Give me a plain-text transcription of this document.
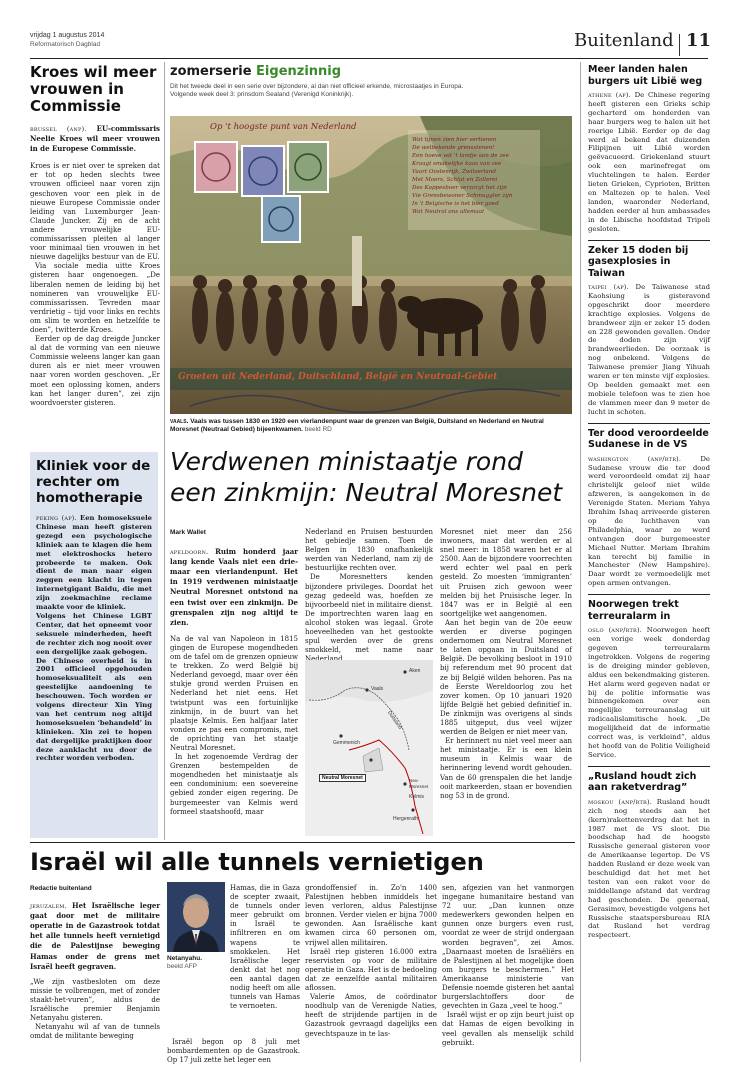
vrijdag 1 augustus 2014
Reformatorisch Dagblad	Buitenland 11
Kroes wil meer vrouwen in Commissie

brussel (anp). EU-commissaris Neelie Kroes wil meer vrouwen in de Europese Commissie.

Kroes is er niet over te spreken dat er tot op heden slechts twee vrouwen officieel naar voren zijn geschoven voor een plek in de nieuwe Europese Commissie onder leiding van Luxemburger Jean-Claude Juncker. Zij en de acht andere vrouwelijke EU-commissarissen pleiten al langer voor minimaal tien vrouwen in het nieuwe dagelijks bestuur van de EU.

Via sociale media uitte Kroes gisteren haar ongenoegen. „De liberalen nemen de leiding bij het nomineren van vrouwelijke EU-commissarissen. Tevreden maar verdrietig – tijd voor links en rechts om slim te worden en hetzelfde te doen”, twitterde Kroes.

Eerder op de dag dreigde Juncker al dat de vorming van een nieuwe Commissie weleens langer kan gaan duren als er niet meer vrouwen naar voren worden geschoven. „Er moet een oplossing komen, anders kan het langer duren”, zei zijn woordvoerster gisteren.

Kliniek voor de rechter om homotherapie

peking (ap). Een homoseksuele Chinese man heeft gisteren gezegd een psychologische kliniek aan te klagen die hem met elektroshocks hetero probeerde te maken. Ook dient de man naar eigen zeggen een klacht in tegen internetgigant Baidu, die met zijn zoekmachine reclame maakte voor de kliniek.

Volgens het Chinese LGBT Center, dat het opneemt voor seksuele minderheden, heeft de rechter zich nog nooit over een dergelijke zaak gebogen.

De Chinese overheid is in 2001 officieel opgehouden homoseksualiteit als een geestelijke aandoening te beschouwen. Toch worden er volgens directeur Xin Ying van het centrum nog altijd homoseksuelen ‘behandeld’ in klinieken. Xin zei te hopen dat dergelijke praktijken door deze aanklacht nu door de rechter worden verboden.

zomerserie Eigenzinnig
Dit het tweede deel in een serie over bijzondere, al dan niet officieel erkende, microstaatjes in Europa. Volgende week deel 3: prinsdom Sealand (Verenigd Koninkrijk).
Op 't hoogste punt van Nederland
Wat tijnen zien hier vertienen
De welbekende grensstenen!
Een hoeve wit 't landje aan de zee
Kraagt smakelijke kaas van zee
Vaart Oostenrijk, Zwitserland
Met Moers, Schlut en Zollerei
Des Kappesboer verzorgt het zijn
Vie Grensbewoner Schmuggler zijn
In 't Belgische is het bier goed
Wat Neutral ons allemaal
Groeten uit Nederland, Duitschland, België en Neutraal-Gebiet
vaals. Vaals was tussen 1830 en 1920 een vierlandenpunt waar de grenzen van België, Duitsland en Nederland en Neutral Moresnet (Neutraal Gebied) bijeenkwamen. beeld RD
Verdwenen ministaatje rond
een zinkmijn: Neutral Moresnet
Mark Wallet

apeldoorn. Ruim honderd jaar lang kende Vaals niet een drie- maar een vierlandenpunt. Het in 1919 verdwenen ministaatje Neutral Moresnet ontstond na een twist over een zinkmijn. De grenspalen zijn nog altijd te zien.

Na de val van Napoleon in 1815 gingen de Europese mogendheden om de tafel om de grenzen opnieuw te trekken. Zo werd België bij Nederland gevoegd, maar over één stukje grond werden Pruisen en Nederland het niet eens. Het twistpunt was een fortuinlijke zinkmijn, in de buurt van het plaatsje Kelmis. Een halfjaar later vonden ze pas een compromis, met de oprichting van het staatje Neutral Moresnet.

In het zogenoemde Verdrag der Grenzen bestempelden de mogendheden het ministaatje als een condominium: een soevereine gebied zonder eigen regering. De burgemeester van Kelmis werd formeel staatshoofd, maar

Nederland en Pruisen bestuurden het gebiedje samen. Toen de Belgen in 1830 onafhankelijk werden van Nederland, nam zij de bestuurlijke rechten over.

De Moresnetters kenden bijzondere privileges. Doordat het gezag gedeeld was, hoefden ze bijvoorbeeld niet in militaire dienst. De importrechten waren laag en alcohol stoken was legaal. Grote hoeveelheden van het gestookte spul werden over de grens smokkeld, met name naar

Vaals
Aken
Duitsland
Gemmenich
Neutral Moresnet	Neu-Moresnet
Kelmis
Hergenrath

Moresnet niet meer dan 256 inwoners, maar dat werden er al snel meer: in 1858 waren het er al 2500. Aan de bijzondere voorrechten werd echter wel paal en perk gesteld. Zo moesten ‘immigranten’ uit Pruisen zich gewoon weer melden bij het Pruisische leger. In 1847 was er in België al een soortgelijke wet aangenomen.

Aan het begin van de 20e eeuw werden er diverse pogingen ondernomen om Neutral Moresnet te laten opgaan in Duitsland of België. De bevolking besloot in 1910 bij referendum met 90 procent dat ze bij België wilden behoren. Pas na de Eerste Wereldoorlog zou het zover komen. Op 10 januari 1920 lijfde België het gebied definitief in. De zinkmijn was overigens al sinds 1885 uitgeput, dus veel wijzer werden de Belgen er niet meer van.

Er herinnert nu niet veel meer aan het ministaatje. Er is een klein museum in Kelmis waar de herinnering levend wordt gehouden. Van de 60 grenspalen die het landje ooit markeerden, staan er bovendien nog 53 in de grond.

Israël wil alle tunnels vernietigen
Redactie buitenland

jeruzalem. Het Israëlische leger gaat door met de militaire operatie in de Gazastrook totdat het alle tunnels heeft vernietigd die de Palestijnse beweging Hamas onder de grens met Israël heeft gegraven.

„We zijn vastbesloten om deze missie te volbrengen, met of zonder staakt-het-vuren”, aldus de Israëlische premier Benjamin Netanyahu gisteren.

Netanyahu wil af van de tunnels omdat de militante beweging

Netanyahu.
beeld AFP

Hamas, die in Gaza de scepter zwaait, de tunnels onder meer gebruikt om in Israël te infiltreren en om wapens te smokkelen. Het Israëlische leger denkt dat het nog een aantal dagen nodig heeft om alle tunnels van Hamas te vernoeten.

Israël begon op 8 juli met bombardementen op de Gazastrook. Op 17 juli zette het leger een

grondoffensief in. Zo'n 1400 Palestijnen hebben inmiddels het leven verloren, aldus Palestijnse bronnen. Verder vielen er bijna 7000 gewonden. Aan Israëlische kant kwamen circa 60 personen om, vrijwel allen militairen.

Israël riep gisteren 16.000 extra reservisten op voor de militaire operatie in Gaza. Het is de bedoeling dat ze eenzelfde aantal militairen aflossen.

Valerie Amos, de coördinator noodhulp van de Verenigde Naties, heeft de strijdende partijen in de Gazastrook gevraagd dagelijks een gevechtspauze in te las-

sen, afgezien van het vanmorgen ingegane humanitaire bestand van 72 uur. „Dan kunnen onze medewerkers gewonden helpen en gunnen onze burgers even rust, voordat ze weer de strijd ondergaan worden begraven”, zei Amos. „Daarnaast moeten de Israëliërs en de Palestijnen al het mogelijke doen om burgers te beschermen.” Het Amerikaanse ministerie van Defensie noemde gisteren het aantal burgerslachtoffers door de gevechten in Gaza „veel te hoog.”

Israël wijst er op zijn beurt juist op dat Hamas de eigen bevolking in veel gevallen als menselijk schild gebruikt.

Meer landen halen burgers uit Libië weg

athene (ap). De Chinese regering heeft gisteren een Grieks schip gecharterd om honderden van haar burgers weg te halen uit het roerige Libië. Eerder op de dag werd al bekend dat duizenden Filipijnen uit Libië worden geëvacueerd. Griekenland stuurt ook een marinefregat om vluchtelingen te halen. Eerder lieten Grieken, Cyprioten, Britten en Maltezen op te halen. Veel landen, waaronder Nederland, hadden eerder al hun ambassades in de Libische hoofdstad Tripoli gesloten.

Zeker 15 doden bij gasexplosies in Taiwan

taipei (ap). De Taiwanese stad Kaohsiung is gisteravond opgeschrikt door meerdere krachtige explosies. Volgens de brandweer zijn er zeker 15 doden en 228 gewonden gevallen. Onder de doden zijn vijf brandweerlieden. De oorzaak is nog onbekend. Volgens de Taiwanese premier Jiang Yihuah waren er ten minste vijf explosies. Op beelden gemaakt met een mobiele telefoon was te zien hoe de vlammen meer dan 9 meter de lucht in schoten.

Ter dood veroordeelde Sudanese in de VS

washington (anp/rtr).	De Sudanese vrouw die ter dood werd veroordeeld omdat zij haar christelijk geloof niet wilde afzweren, is aangekomen in de Verenigde Staten. Meriam Yahya Ibrahim Ishaq arriveerde gisteren op de luchthaven van Philadelphia, waar ze werd ontvangen door burgemeester Michael Nutter. Meriam Ibrahim kan terecht bij familie in Manchester (New Hampshire). Daar wordt ze vermoedelijk met open armen ontvangen.

Noorwegen trekt terreuralarm in

oslo (anp/rtr). Noorwegen heeft een vorige week donderdag gegeven terreuralarm ingetrokken. Volgens de regering is de dreiging minder gebleven, aldus een bekendmaking gisteren. Het alarm werd gegeven nadat er bij de politie informatie was binnengekomen over een mogelijke terreuraanslag uit radicaalislamitische hoek. „De mogelijkheid dat de informatie correct was, is verkleind”, aldus het hoofd van de Politie Veiligheid Service.

„Rusland houdt zich aan raketverdrag”

moskou (anp/rtr). Rusland houdt zich nog steeds aan het (kern)rakettenverdrag dat het in 1987 met de VS sloot. Die boodschap had de hoogste Russische generaal gisteren voor de Amerikaanse legertop. De VS hadden Rusland er deze week van beschuldigd dat het met het testen van een raket voor de middellange afstand dat verdrag had geschonden. De generaal, Gerasimov, bevestigde volgens het Russische staatspersbureau RIA dat Rusland het verdrag respecteert.
